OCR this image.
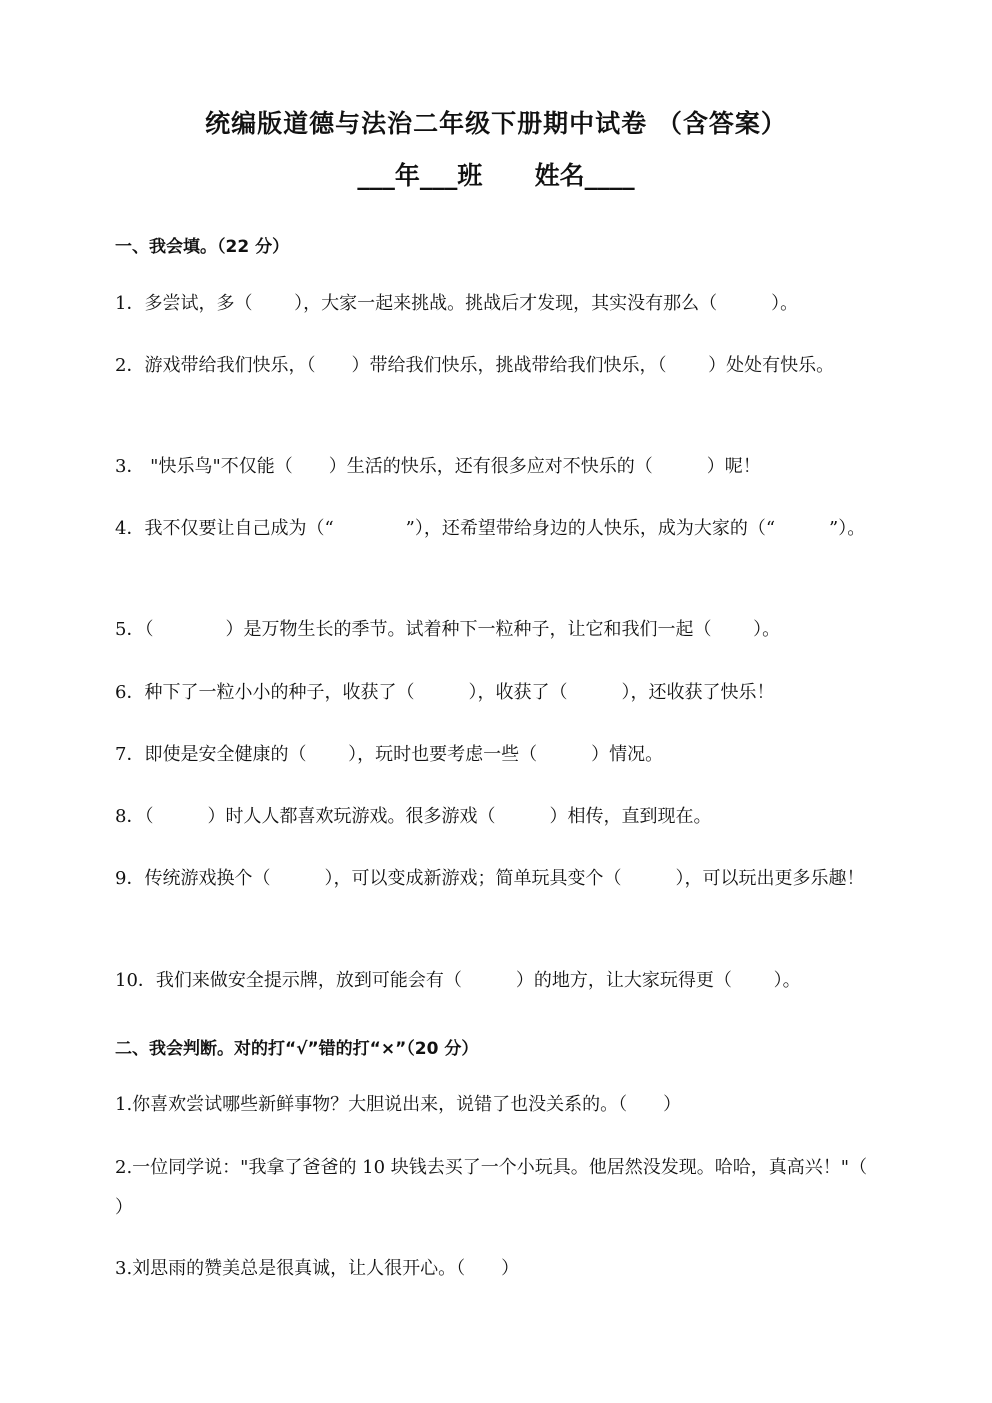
统编版道德与法治二年级下册期中试卷 （含答案）
___年___班      姓名____
一、我会填。（22 分）
1．多尝试，多（　　 ），大家一起来挑战。挑战后才发现，其实没有那么（　　　）。
2．游戏带给我们快乐，（　　）带给我们快乐，挑战带给我们快乐，（　　 ）处处有快乐。
3． "快乐鸟"不仅能（　　）生活的快乐，还有很多应对不快乐的（　　　）呢！
4．我不仅要让自己成为（“　　　　”），还希望带给身边的人快乐，成为大家的（“　　　”）。
5．（　　　　）是万物生长的季节。试着种下一粒种子，让它和我们一起（　　 ）。
6．种下了一粒小小的种子，收获了（　　　），收获了（　　　），还收获了快乐！
7．即使是安全健康的（　　 ），玩时也要考虑一些（　　　）情况。
8．（　　　）时人人都喜欢玩游戏。很多游戏（　　　）相传，直到现在。
9．传统游戏换个（　　　），可以变成新游戏；简单玩具变个（　　　），可以玩出更多乐趣！
10．我们来做安全提示牌，放到可能会有（　　　）的地方，让大家玩得更（　　 ）。
二、我会判断。对的打“√”错的打“×”（20 分）
1.你喜欢尝试哪些新鲜事物？大胆说出来，说错了也没关系的。（　　）
2.一位同学说："我拿了爸爸的 10 块钱去买了一个小玩具。他居然没发现。哈哈，真高兴！"（　　）
3.刘思雨的赞美总是很真诚，让人很开心。（　　）
